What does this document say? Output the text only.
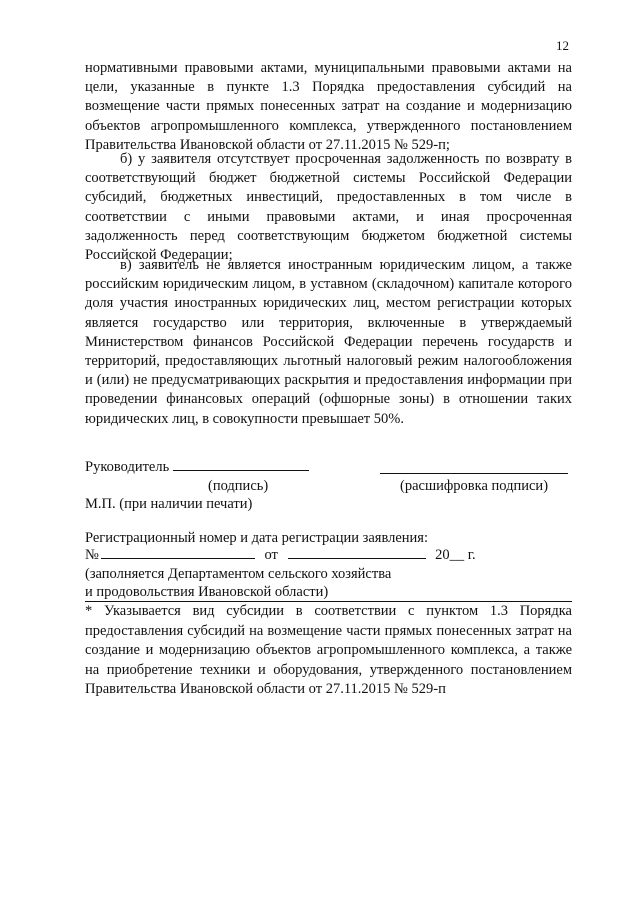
12
нормативными правовыми актами, муниципальными правовыми актами на цели, указанные в пункте 1.3 Порядка предоставления субсидий на возмещение части прямых понесенных затрат на создание и модернизацию объектов агропромышленного комплекса, утвержденного постановлением Правительства Ивановской области от 27.11.2015 № 529-п;
б) у заявителя отсутствует просроченная задолженность по возврату в соответствующий бюджет бюджетной системы Российской Федерации субсидий, бюджетных инвестиций, предоставленных в том числе в соответствии с иными правовыми актами, и иная просроченная задолженность перед соответствующим бюджетом бюджетной системы Российской Федерации;
в) заявитель не является иностранным юридическим лицом, а также российским юридическим лицом, в уставном (складочном) капитале которого доля участия иностранных юридических лиц, местом регистрации которых является государство или территория, включенные в утверждаемый Министерством финансов Российской Федерации перечень государств и территорий, предоставляющих льготный налоговый режим налогообложения и (или) не предусматривающих раскрытия и предоставления информации при проведении финансовых операций (офшорные зоны) в отношении таких юридических лиц, в совокупности превышает 50%.
Руководитель
(подпись)	(расшифровка подписи)
М.П. (при наличии печати)
Регистрационный номер и дата регистрации заявления:
№	от	20__ г.
(заполняется Департаментом сельского хозяйства
и продовольствия Ивановской области)
* Указывается вид субсидии в соответствии с пунктом 1.3 Порядка предоставления субсидий на возмещение части прямых понесенных затрат на создание и модернизацию объектов агропромышленного комплекса, а также на приобретение техники и оборудования, утвержденного постановлением Правительства Ивановской области от 27.11.2015 № 529-п
